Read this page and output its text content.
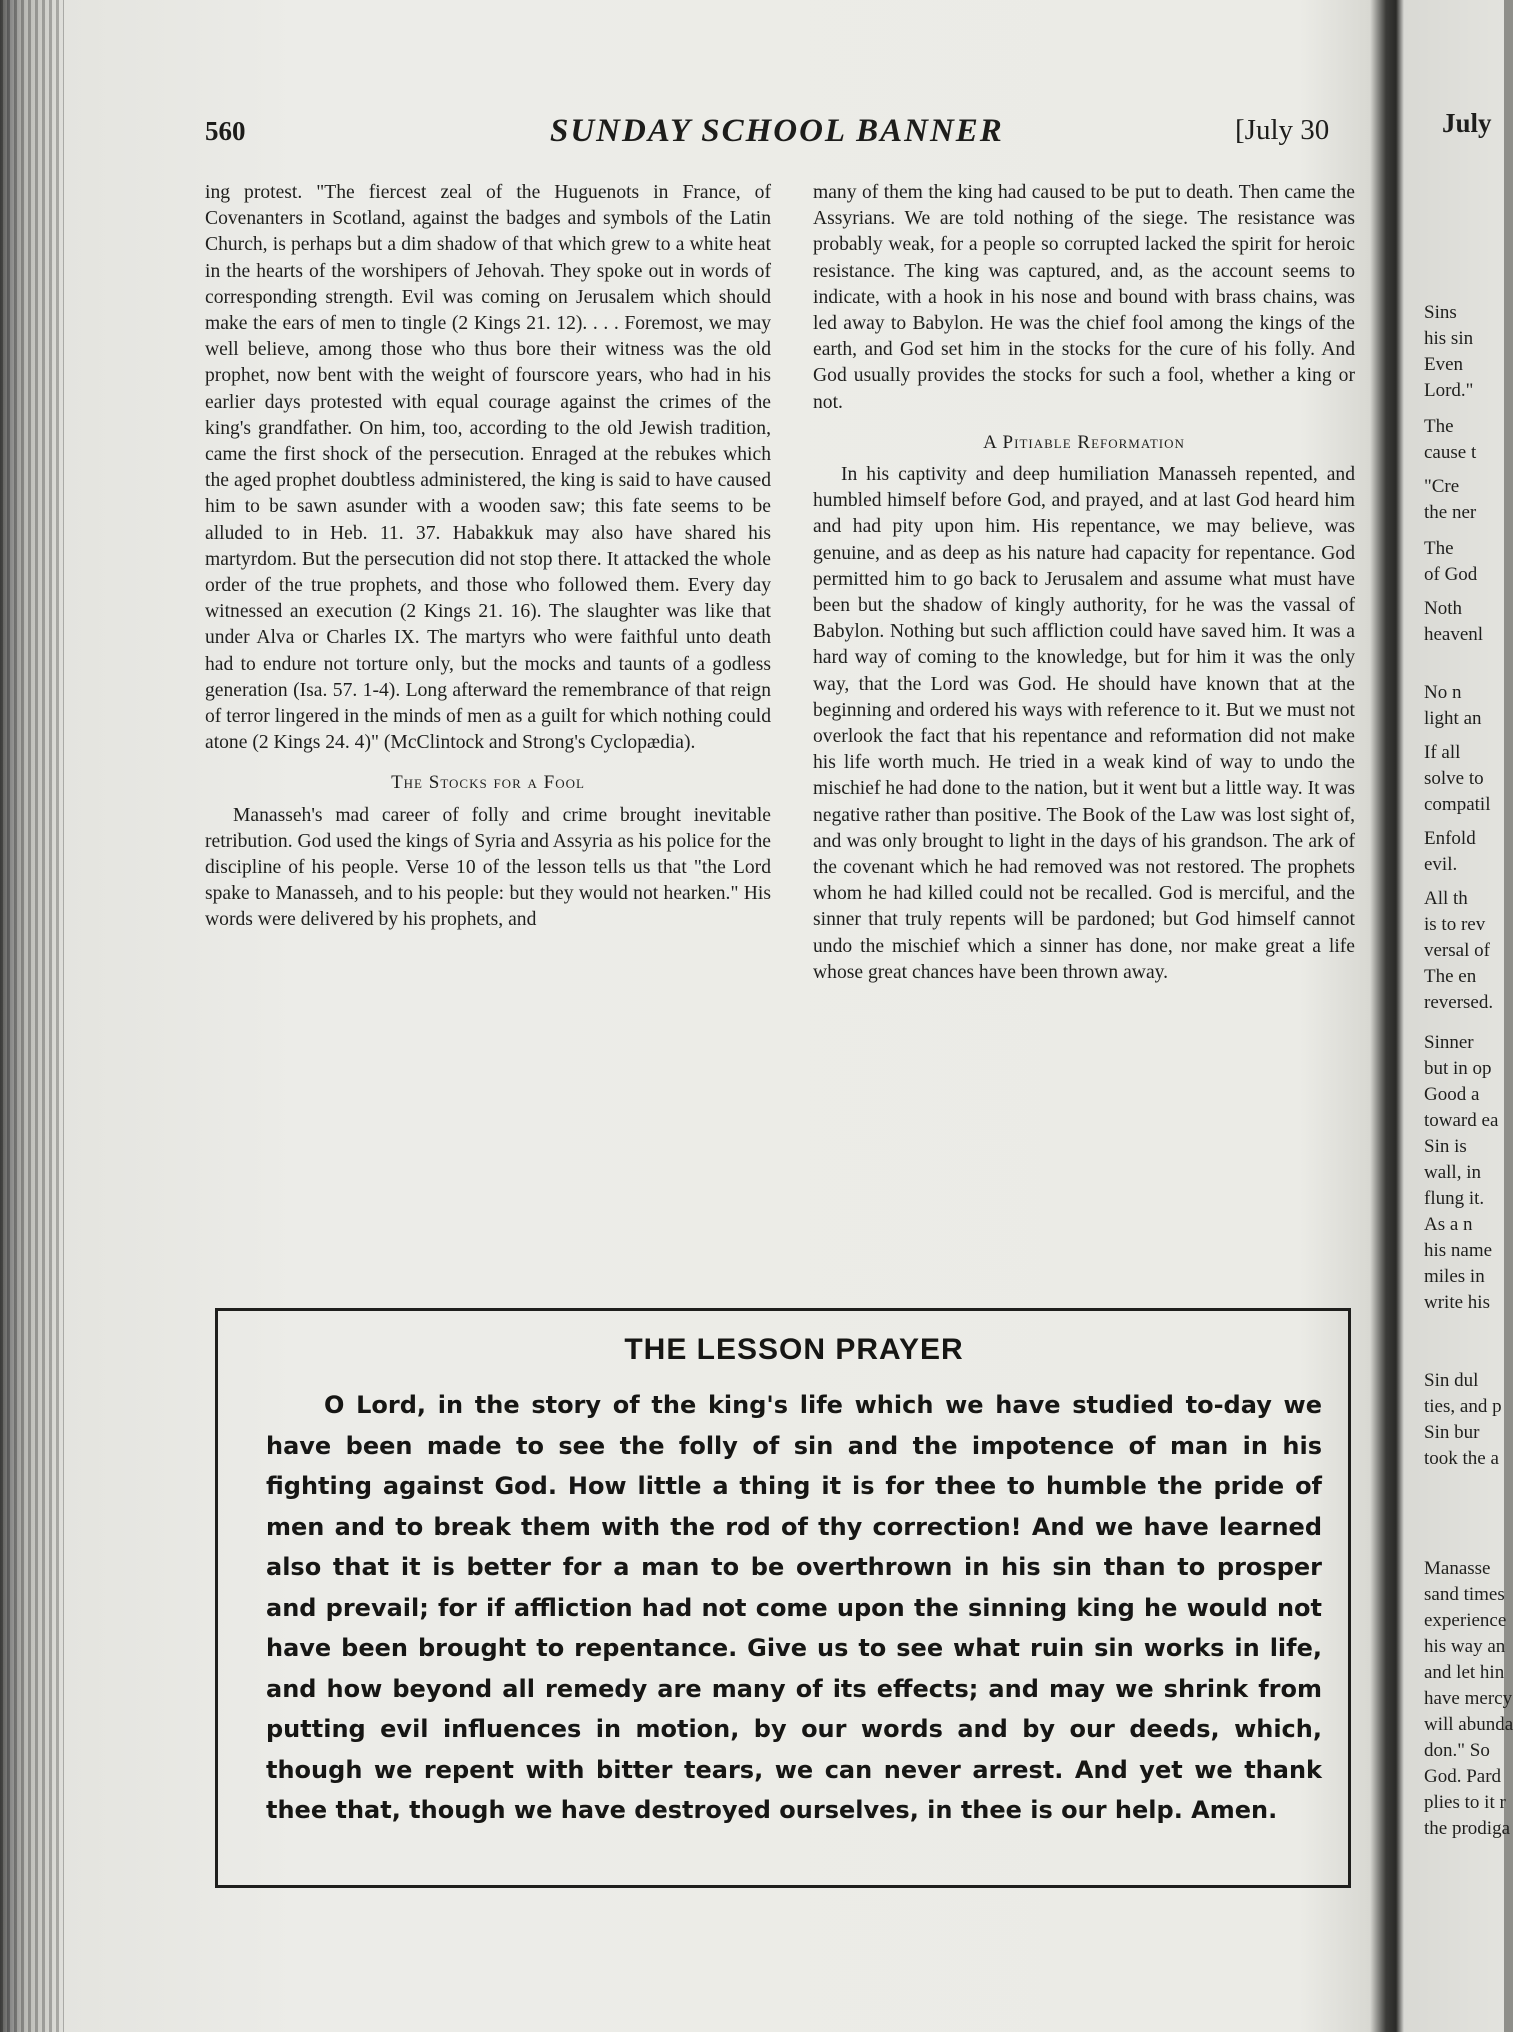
560	SUNDAY SCHOOL BANNER	[July 30

ing protest. "The fiercest zeal of the Huguenots in France, of Covenanters in Scotland, against the badges and symbols of the Latin Church, is perhaps but a dim shadow of that which grew to a white heat in the hearts of the worshipers of Jehovah. They spoke out in words of corresponding strength. Evil was coming on Jerusalem which should make the ears of men to tingle (2 Kings 21. 12). . . . Foremost, we may well believe, among those who thus bore their witness was the old prophet, now bent with the weight of fourscore years, who had in his earlier days protested with equal courage against the crimes of the king's grandfather. On him, too, according to the old Jewish tradition, came the first shock of the persecution. Enraged at the rebukes which the aged prophet doubtless administered, the king is said to have caused him to be sawn asunder with a wooden saw; this fate seems to be alluded to in Heb. 11. 37. Habakkuk may also have shared his martyrdom. But the persecution did not stop there. It attacked the whole order of the true prophets, and those who followed them. Every day witnessed an execution (2 Kings 21. 16). The slaughter was like that under Alva or Charles IX. The martyrs who were faithful unto death had to endure not torture only, but the mocks and taunts of a godless generation (Isa. 57. 1-4). Long afterward the remembrance of that reign of terror lingered in the minds of men as a guilt for which nothing could atone (2 Kings 24. 4)" (McClintock and Strong's Cyclopædia).

The Stocks for a Fool

Manasseh's mad career of folly and crime brought inevitable retribution. God used the kings of Syria and Assyria as his police for the discipline of his people. Verse 10 of the lesson tells us that "the Lord spake to Manasseh, and to his people: but they would not hearken." His words were delivered by his prophets, and

many of them the king had caused to be put to death. Then came the Assyrians. We are told nothing of the siege. The resistance was probably weak, for a people so corrupted lacked the spirit for heroic resistance. The king was captured, and, as the account seems to indicate, with a hook in his nose and bound with brass chains, was led away to Babylon. He was the chief fool among the kings of the earth, and God set him in the stocks for the cure of his folly. And God usually provides the stocks for such a fool, whether a king or not.

A Pitiable Reformation

In his captivity and deep humiliation Manasseh repented, and humbled himself before God, and prayed, and at last God heard him and had pity upon him. His repentance, we may believe, was genuine, and as deep as his nature had capacity for repentance. God permitted him to go back to Jerusalem and assume what must have been but the shadow of kingly authority, for he was the vassal of Babylon. Nothing but such affliction could have saved him. It was a hard way of coming to the knowledge, but for him it was the only way, that the Lord was God. He should have known that at the beginning and ordered his ways with reference to it. But we must not overlook the fact that his repentance and reformation did not make his life worth much. He tried in a weak kind of way to undo the mischief he had done to the nation, but it went but a little way. It was negative rather than positive. The Book of the Law was lost sight of, and was only brought to light in the days of his grandson. The ark of the covenant which he had removed was not restored. The prophets whom he had killed could not be recalled. God is merciful, and the sinner that truly repents will be pardoned; but God himself cannot undo the mischief which a sinner has done, nor make great a life whose great chances have been thrown away.

THE LESSON PRAYER

O Lord, in the story of the king's life which we have studied to-day we have been made to see the folly of sin and the impotence of man in his fighting against God. How little a thing it is for thee to humble the pride of men and to break them with the rod of thy correction! And we have learned also that it is better for a man to be overthrown in his sin than to prosper and prevail; for if affliction had not come upon the sinning king he would not have been brought to repentance. Give us to see what ruin sin works in life, and how beyond all remedy are many of its effects; and may we shrink from putting evil influences in motion, by our words and by our deeds, which, though we repent with bitter tears, we can never arrest. And yet we thank thee that, though we have destroyed ourselves, in thee is our help. Amen.

July
Sins
his sin
Even
Lord."
The
cause t
"Cre
the ner
The
of God
Noth
heavenl
No n
light an
If all
solve to
compatil
Enfold
evil.
All th
is to rev
versal of
The en
reversed.
Sinner
but in op
Good a
toward ea
Sin is
wall, in
flung it.
As a n
his name
miles in
write his
Sin dul
ties, and p
Sin bur
took the a
Manasse
sand times
experience
his way an
and let hin
have mercy
will abunda
don." So
God. Pard
plies to it r
the prodiga
